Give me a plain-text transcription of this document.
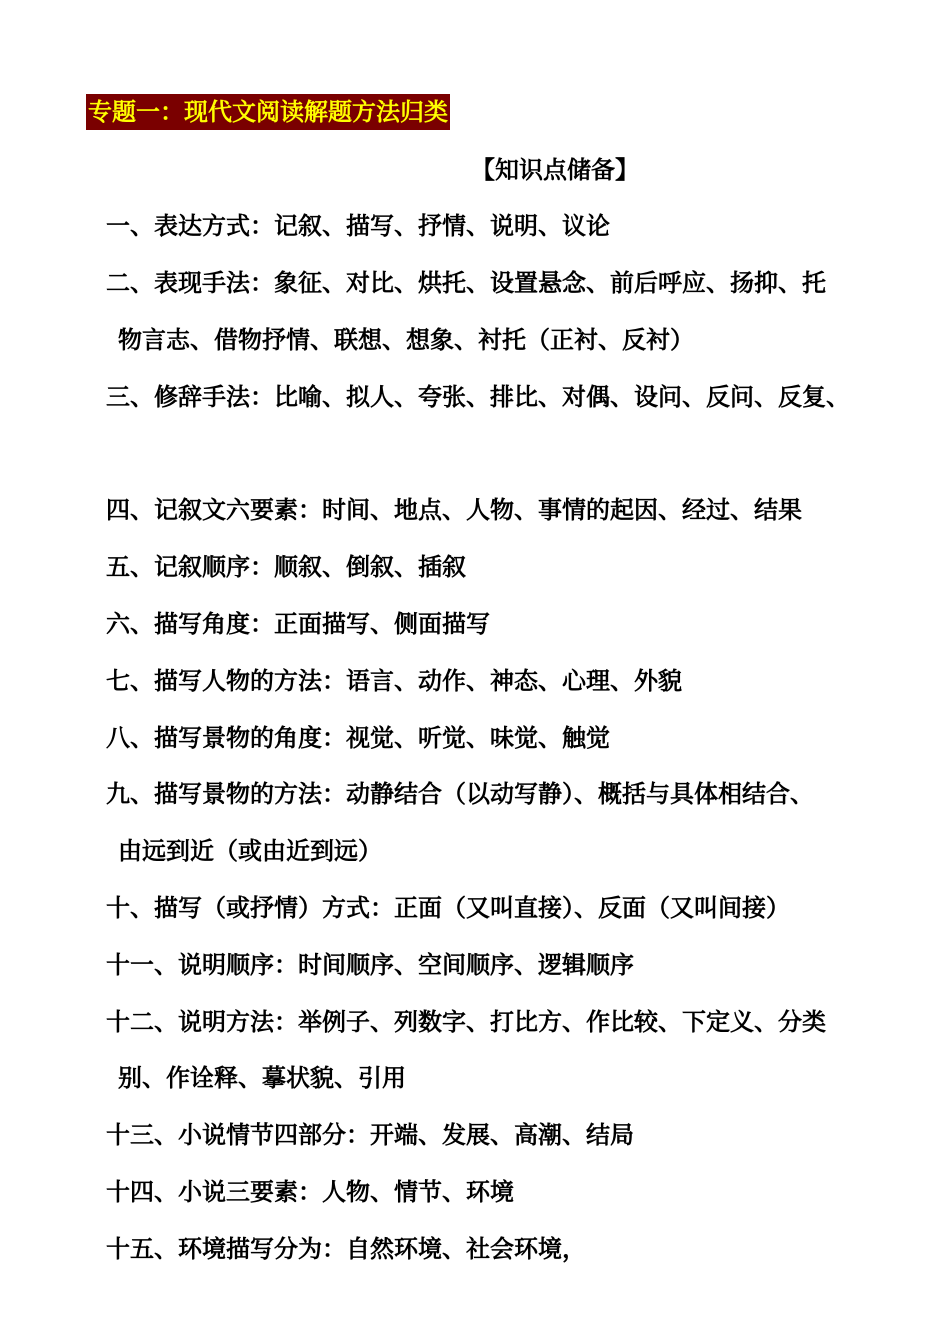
专题一：现代文阅读解题方法归类
【知识点储备】
一、表达方式：记叙、描写、抒情、说明、议论
二、表现手法：象征、对比、烘托、设置悬念、前后呼应、扬抑、托
物言志、借物抒情、联想、想象、衬托（正衬、反衬）
三、修辞手法：比喻、拟人、夸张、排比、对偶、设问、反问、反复、
四、记叙文六要素：时间、地点、人物、事情的起因、经过、结果
五、记叙顺序：顺叙、倒叙、插叙
六、描写角度：正面描写、侧面描写
七、描写人物的方法：语言、动作、神态、心理、外貌
八、描写景物的角度：视觉、听觉、味觉、触觉
九、描写景物的方法：动静结合（以动写静）、概括与具体相结合、
由远到近（或由近到远）
十、描写（或抒情）方式：正面（又叫直接）、反面（又叫间接）
十一、说明顺序：时间顺序、空间顺序、逻辑顺序
十二、说明方法：举例子、列数字、打比方、作比较、下定义、分类
别、作诠释、摹状貌、引用
十三、小说情节四部分：开端、发展、高潮、结局
十四、小说三要素：人物、情节、环境
十五、环境描写分为：自然环境、社会环境，
